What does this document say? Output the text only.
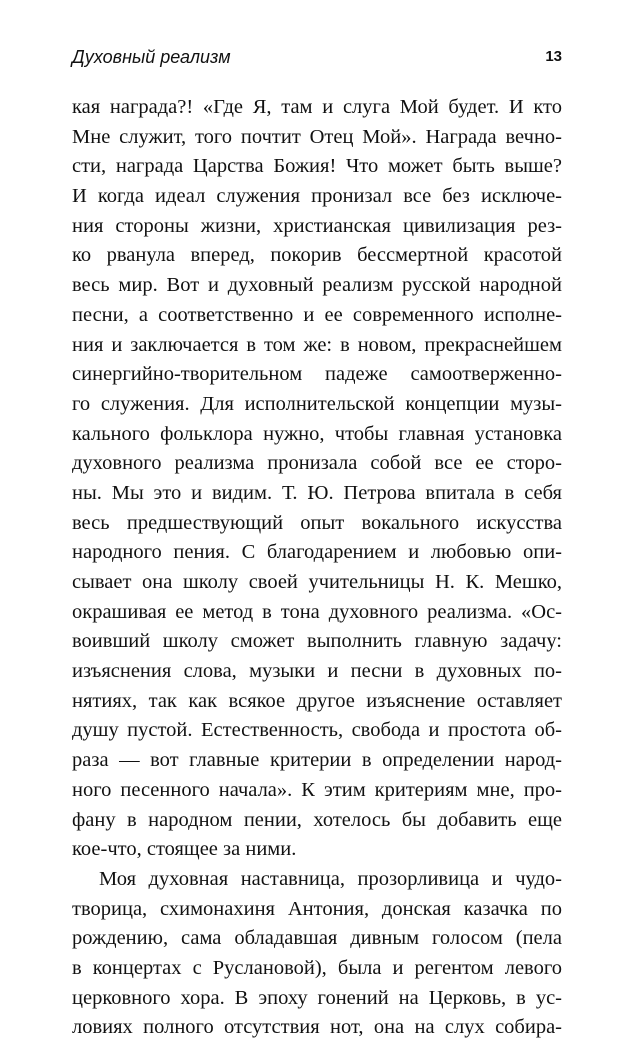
Духовный реализм	13
кая награда?! «Где Я, там и слуга Мой будет. И кто
Мне служит, того почтит Отец Мой». Награда вечно-
сти, награда Царства Божия! Что может быть выше?
И когда идеал служения пронизал все без исключе-
ния стороны жизни, христианская цивилизация рез-
ко рванула вперед, покорив бессмертной красотой
весь мир. Вот и духовный реализм русской народной
песни, а соответственно и ее современного исполне-
ния и заключается в том же: в новом, прекраснейшем
синергийно-творительном падеже самоотверженно-
го служения. Для исполнительской концепции музы-
кального фольклора нужно, чтобы главная установка
духовного реализма пронизала собой все ее сторо-
ны. Мы это и видим. Т. Ю. Петрова впитала в себя
весь предшествующий опыт вокального искусства
народного пения. С благодарением и любовью опи-
сывает она школу своей учительницы Н. К. Мешко,
окрашивая ее метод в тона духовного реализма. «Ос-
воивший школу сможет выполнить главную задачу:
изъяснения слова, музыки и песни в духовных по-
нятиях, так как всякое другое изъяснение оставляет
душу пустой. Естественность, свобода и простота об-
раза — вот главные критерии в определении народ-
ного песенного начала». К этим критериям мне, про-
фану в народном пении, хотелось бы добавить еще
кое-что, стоящее за ними.
Моя духовная наставница, прозорливица и чудо-
творица, схимонахиня Антония, донская казачка по
рождению, сама обладавшая дивным голосом (пела
в концертах с Руслановой), была и регентом левого
церковного хора. В эпоху гонений на Церковь, в ус-
ловиях полного отсутствия нот, она на слух собира-
